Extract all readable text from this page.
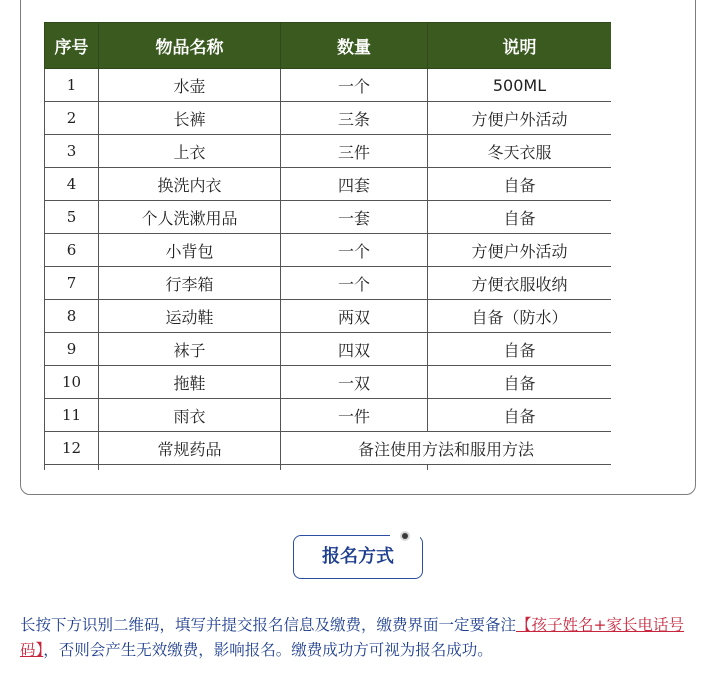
序号	物品名称	数量	说明
1	水壶	一个	500ML
2	长裤	三条	方便户外活动
3	上衣	三件	冬天衣服
4	换洗内衣	四套	自备
5	个人洗漱用品	一套	自备
6	小背包	一个	方便户外活动
7	行李箱	一个	方便衣服收纳
8	运动鞋	两双	自备（防水）
9	袜子	四双	自备
10	拖鞋	一双	自备
11	雨衣	一件	自备
12	常规药品	备注使用方法和服用方法	

报名方式
长按下方识别二维码，填写并提交报名信息及缴费，缴费界面一定要备注【孩子姓名+家长电话号码】，否则会产生无效缴费，影响报名。缴费成功方可视为报名成功。
